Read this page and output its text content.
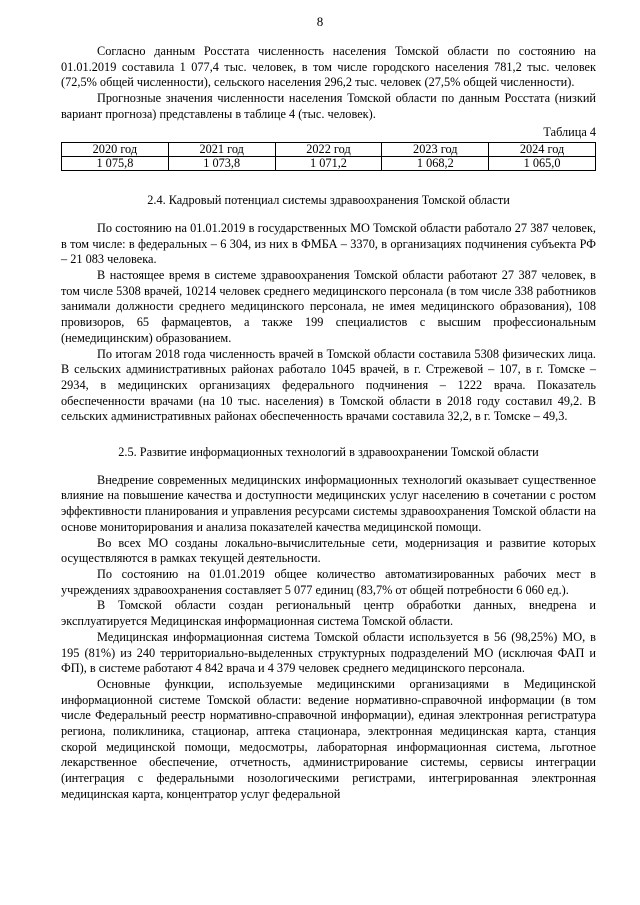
8

Согласно данным Росстата численность населения Томской области по состоянию на 01.01.2019 составила 1 077,4 тыс. человек, в том числе городского населения 781,2 тыс. человек (72,5% общей численности), сельского населения 296,2 тыс. человек (27,5% общей численности).

Прогнозные значения численности населения Томской области по данным Росстата (низкий вариант прогноза) представлены в таблице 4 (тыс. человек).

Таблица 4
2020 год	2021 год	2022 год	2023 год	2024 год
1 075,8	1 073,8	1 071,2	1 068,2	1 065,0
2.4. Кадровый потенциал системы здравоохранения Томской области

По состоянию на 01.01.2019 в государственных МО Томской области работало 27 387 человек, в том числе: в федеральных – 6 304, из них в ФМБА – 3370, в организациях подчинения субъекта РФ – 21 083 человека.

В настоящее время в системе здравоохранения Томской области работают 27 387 человек, в том числе 5308 врачей, 10214 человек среднего медицинского персонала (в том числе 338 работников занимали должности среднего медицинского персонала, не имея медицинского образования), 108 провизоров, 65 фармацевтов, а также 199 специалистов с высшим профессиональным (немедицинским) образованием.

По итогам 2018 года численность врачей в Томской области составила 5308 физических лица. В сельских административных районах работало 1045 врачей, в г. Стрежевой – 107, в г. Томске – 2934, в медицинских организациях федерального подчинения – 1222 врача. Показатель обеспеченности врачами (на 10 тыс. населения) в Томской области в 2018 году составил 49,2. В сельских административных районах обеспеченность врачами составила 32,2, в г. Томске – 49,3.

2.5. Развитие информационных технологий в здравоохранении Томской области

Внедрение современных медицинских информационных технологий оказывает существенное влияние на повышение качества и доступности медицинских услуг населению в сочетании с ростом эффективности планирования и управления ресурсами системы здравоохранения Томской области на основе мониторирования и анализа показателей качества медицинской помощи.

Во всех МО созданы локально-вычислительные сети, модернизация и развитие которых осуществляются в рамках текущей деятельности.

По состоянию на 01.01.2019 общее количество автоматизированных рабочих мест в учреждениях здравоохранения составляет 5 077 единиц (83,7% от общей потребности 6 060 ед.).

В Томской области создан региональный центр обработки данных, внедрена и эксплуатируется Медицинская информационная система Томской области.

Медицинская информационная система Томской области используется в 56 (98,25%) МО, в 195 (81%) из 240 территориально-выделенных структурных подразделений МО (исключая ФАП и ФП), в системе работают 4 842 врача и 4 379 человек среднего медицинского персонала.

Основные функции, используемые медицинскими организациями в Медицинской информационной системе Томской области: ведение нормативно-справочной информации (в том числе Федеральный реестр нормативно-справочной информации), единая электронная регистратура региона, поликлиника, стационар, аптека стационара, электронная медицинская карта, станция скорой медицинской помощи, медосмотры, лабораторная информационная система, льготное лекарственное обеспечение, отчетность, администрирование системы, сервисы интеграции (интеграция с федеральными нозологическими регистрами, интегрированная электронная медицинская карта, концентратор услуг федеральной
